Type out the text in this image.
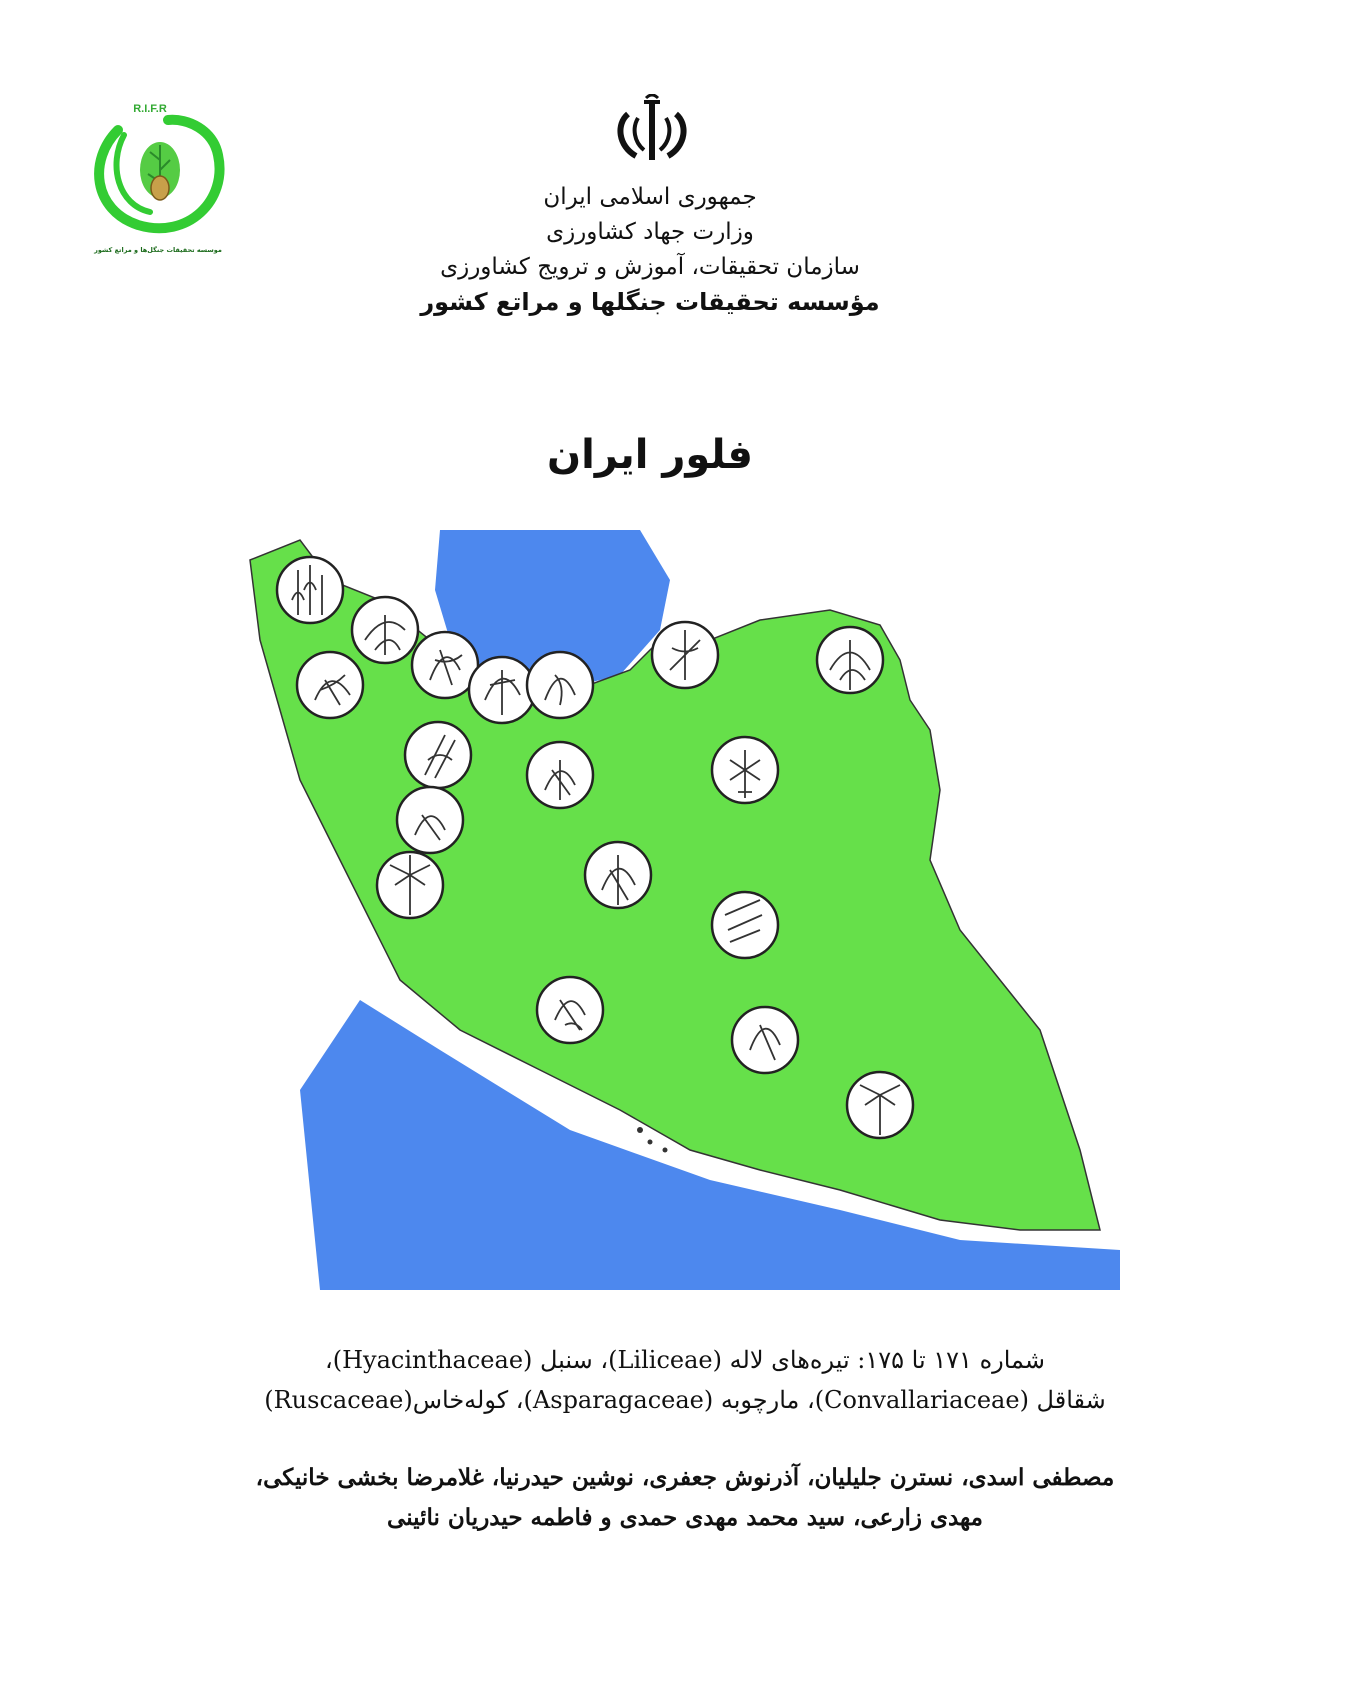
R.I.F.R
موسسه تحقیقات جنگل‌ها و مراتع کشور
جمهوری اسلامی ایران
وزارت جهاد کشاورزی
سازمان تحقیقات، آموزش و ترویج کشاورزی
مؤسسه تحقیقات جنگلها و مراتع کشور
فلور ایران
شماره ۱۷۱ تا ۱۷۵: تیره‌های لاله (Liliceae)، سنبل (Hyacinthaceae)،
شقاقل (Convallariaceae)، مارچوبه (Asparagaceae)، کوله‌خاس(Ruscaceae)
مصطفی اسدی، نسترن جلیلیان، آذرنوش جعفری، نوشین حیدرنیا، غلامرضا بخشی خانیکی،
مهدی زارعی، سید محمد مهدی حمدی و فاطمه حیدریان نائینی
